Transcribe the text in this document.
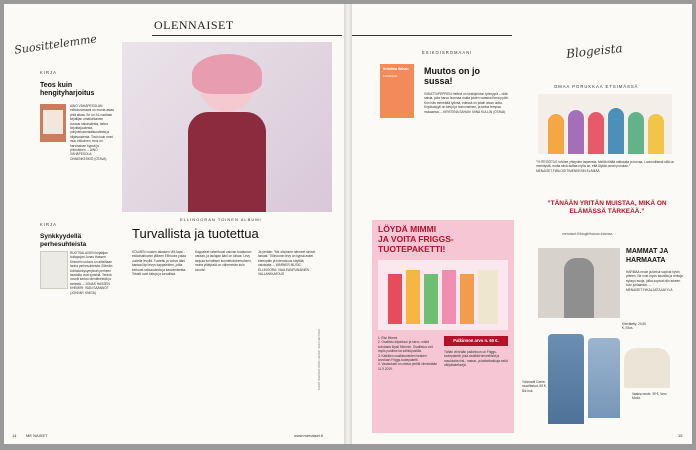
OLENNAISET
Suosittelemme
KIRJA
Teos kuin hengityharjoitus
AINO VÄHÄPESOLAN esikoisromaani on monta asiaa yhtä aikaa. Se on 24-vuotiaan kirjailijan omakohtainen kuvaus naiseudesta, tarina kirjoittajuudesta, pohjoissuomalaisuudesta ja hiljaisuudesta. Tosin kuin moni muu esikoinen, teos on harvinaisen kypsä ja yhtenäinen. – AINO VÄHÄPESOLA: ONNENKESKIÖ (OTAVA)
KIRJA
Synkkyydellä perhesuhteista
RUOTSALAISEN kirjailijan kultapojan Jonas Hassen Khemirin uutuus on aiheiltaan tarina perhesuhteista. Elämän kohtalonkysymykset perheen taustalla ovat synkkiä. Terävä novelli kertoo identiteetistä ja kielestä. – JONAS HASSEN KHEMIRI: ISÄN SÄÄNNÖT (JOHNNY KNIGA)
ELLINOORAN TOINEN ALBUMI
Turvallista ja tuotettua
KOLMEN vuoden takaisen Villi lapsi -esikoisalbumin jälkeen Ellinoora palaa uudella levyllä. Tuotettu ja vahva ääni kantaa läpi levyn kappaleiden, jotka kertovat rakkaudesta ja kasvamisesta. Tekstit ovat tuttuja ja turvallisia.
Kappaleet rakentuvat vahvan tuotannon varaan, ja laulajan ääni on kirkas. Levy tarjoaa turvallisen kuuntelukokemuksen, mutta yllätyksiä on vähemmän kuin toivoisi.
Ja perään: ”Me olisimme nähneet siniset taivaat.” Ellinooran levy on kypsä askel eteenpäin ja tulevaisuus näyttää valoisalta. – WARNER MUSIC: ELLINOORA: VAALEANPUNAINEN VALLANKUMOUS
KUVAT: WARNER MUSIC GROUP; KARI LEHTINEN
14 ME NAISET	www.menaiset.fi
ESIKOISROMAANI
Kristiina Sahan
FILMAAJA	Muutos on jo sussa!
VIIDATTAPEPPIEN Hellevi on keskijohdon työmyyrä – niitä naisia, joita harva huomaa mutta joiden varassa firma pyörii. Kun hän menettää työnsä, edessä on jotain aivan uutta. Kirjoitustyyli on kevyt ja humoristinen, ja tarina tempaa mukaansa. – KRISTIINA SAHAN: MINÄ KULLIN (OTAVA)
LÖYDÄ MIMMI
JA VOITA FRIGGS-
TUOTEPAKETTI!
1. Etsi Mimmi.
2. Osallistu kilpailuun ja kerro, mistä kohdasta löysit Mimmin. Osallistua voit myös postitse tai sähköpostilla.
3. Kaikkien osallistuneiden kesken arvotaan Friggs-tuotepaketti.
4. Vastaukset on oltava perillä viimeistään 11.9.2019.
Palkinnon arvo n. 60 €.
Tähän vihreään palkintoon on Friggs-tuotepaketti, joka sisältää terveellisiä ja maukkaita riisi-, maissi- ja tattarikakkuja sekä välipalakeksejä.
Blogeista
OMAA PORUKKAA ETSIMÄSSÄ
”YHTEISÖTUS toivilee yhteyden tarpeesta. Meiltä riittää rakkautta ja turvaa. Luonnollisesti sillä on merkitystä, mutta siinä auttaa myös se, että löytää oman porukan.” MENAISET.FI/BLOGIT/MENEKSIN ELÄMÄÄ
”TÄNÄÄN YRITÄN MUISTAA, MIKÄ ON ELÄMÄSSÄ TÄRKEÄÄ.”
menaiset.fi/blogit/ihanan-elamaa
MAMMAT JA HARMAATA
HARMAA neule ja farkut sopivat hyvin yhteen. Ne ovat myös kauniita ja rentoja syksyn asuja, jotka sopivat niin arkeen kuin juhlaankin. – MENAISET.FI/KALASTAJAKYLÄ
Yohmadti Carrie-muotifarkut, 65 €, Bik bok.
Kierrätetty, 20,90 €, Ellos.
Vaalea neule, 39 €, Vero Moda.
15
